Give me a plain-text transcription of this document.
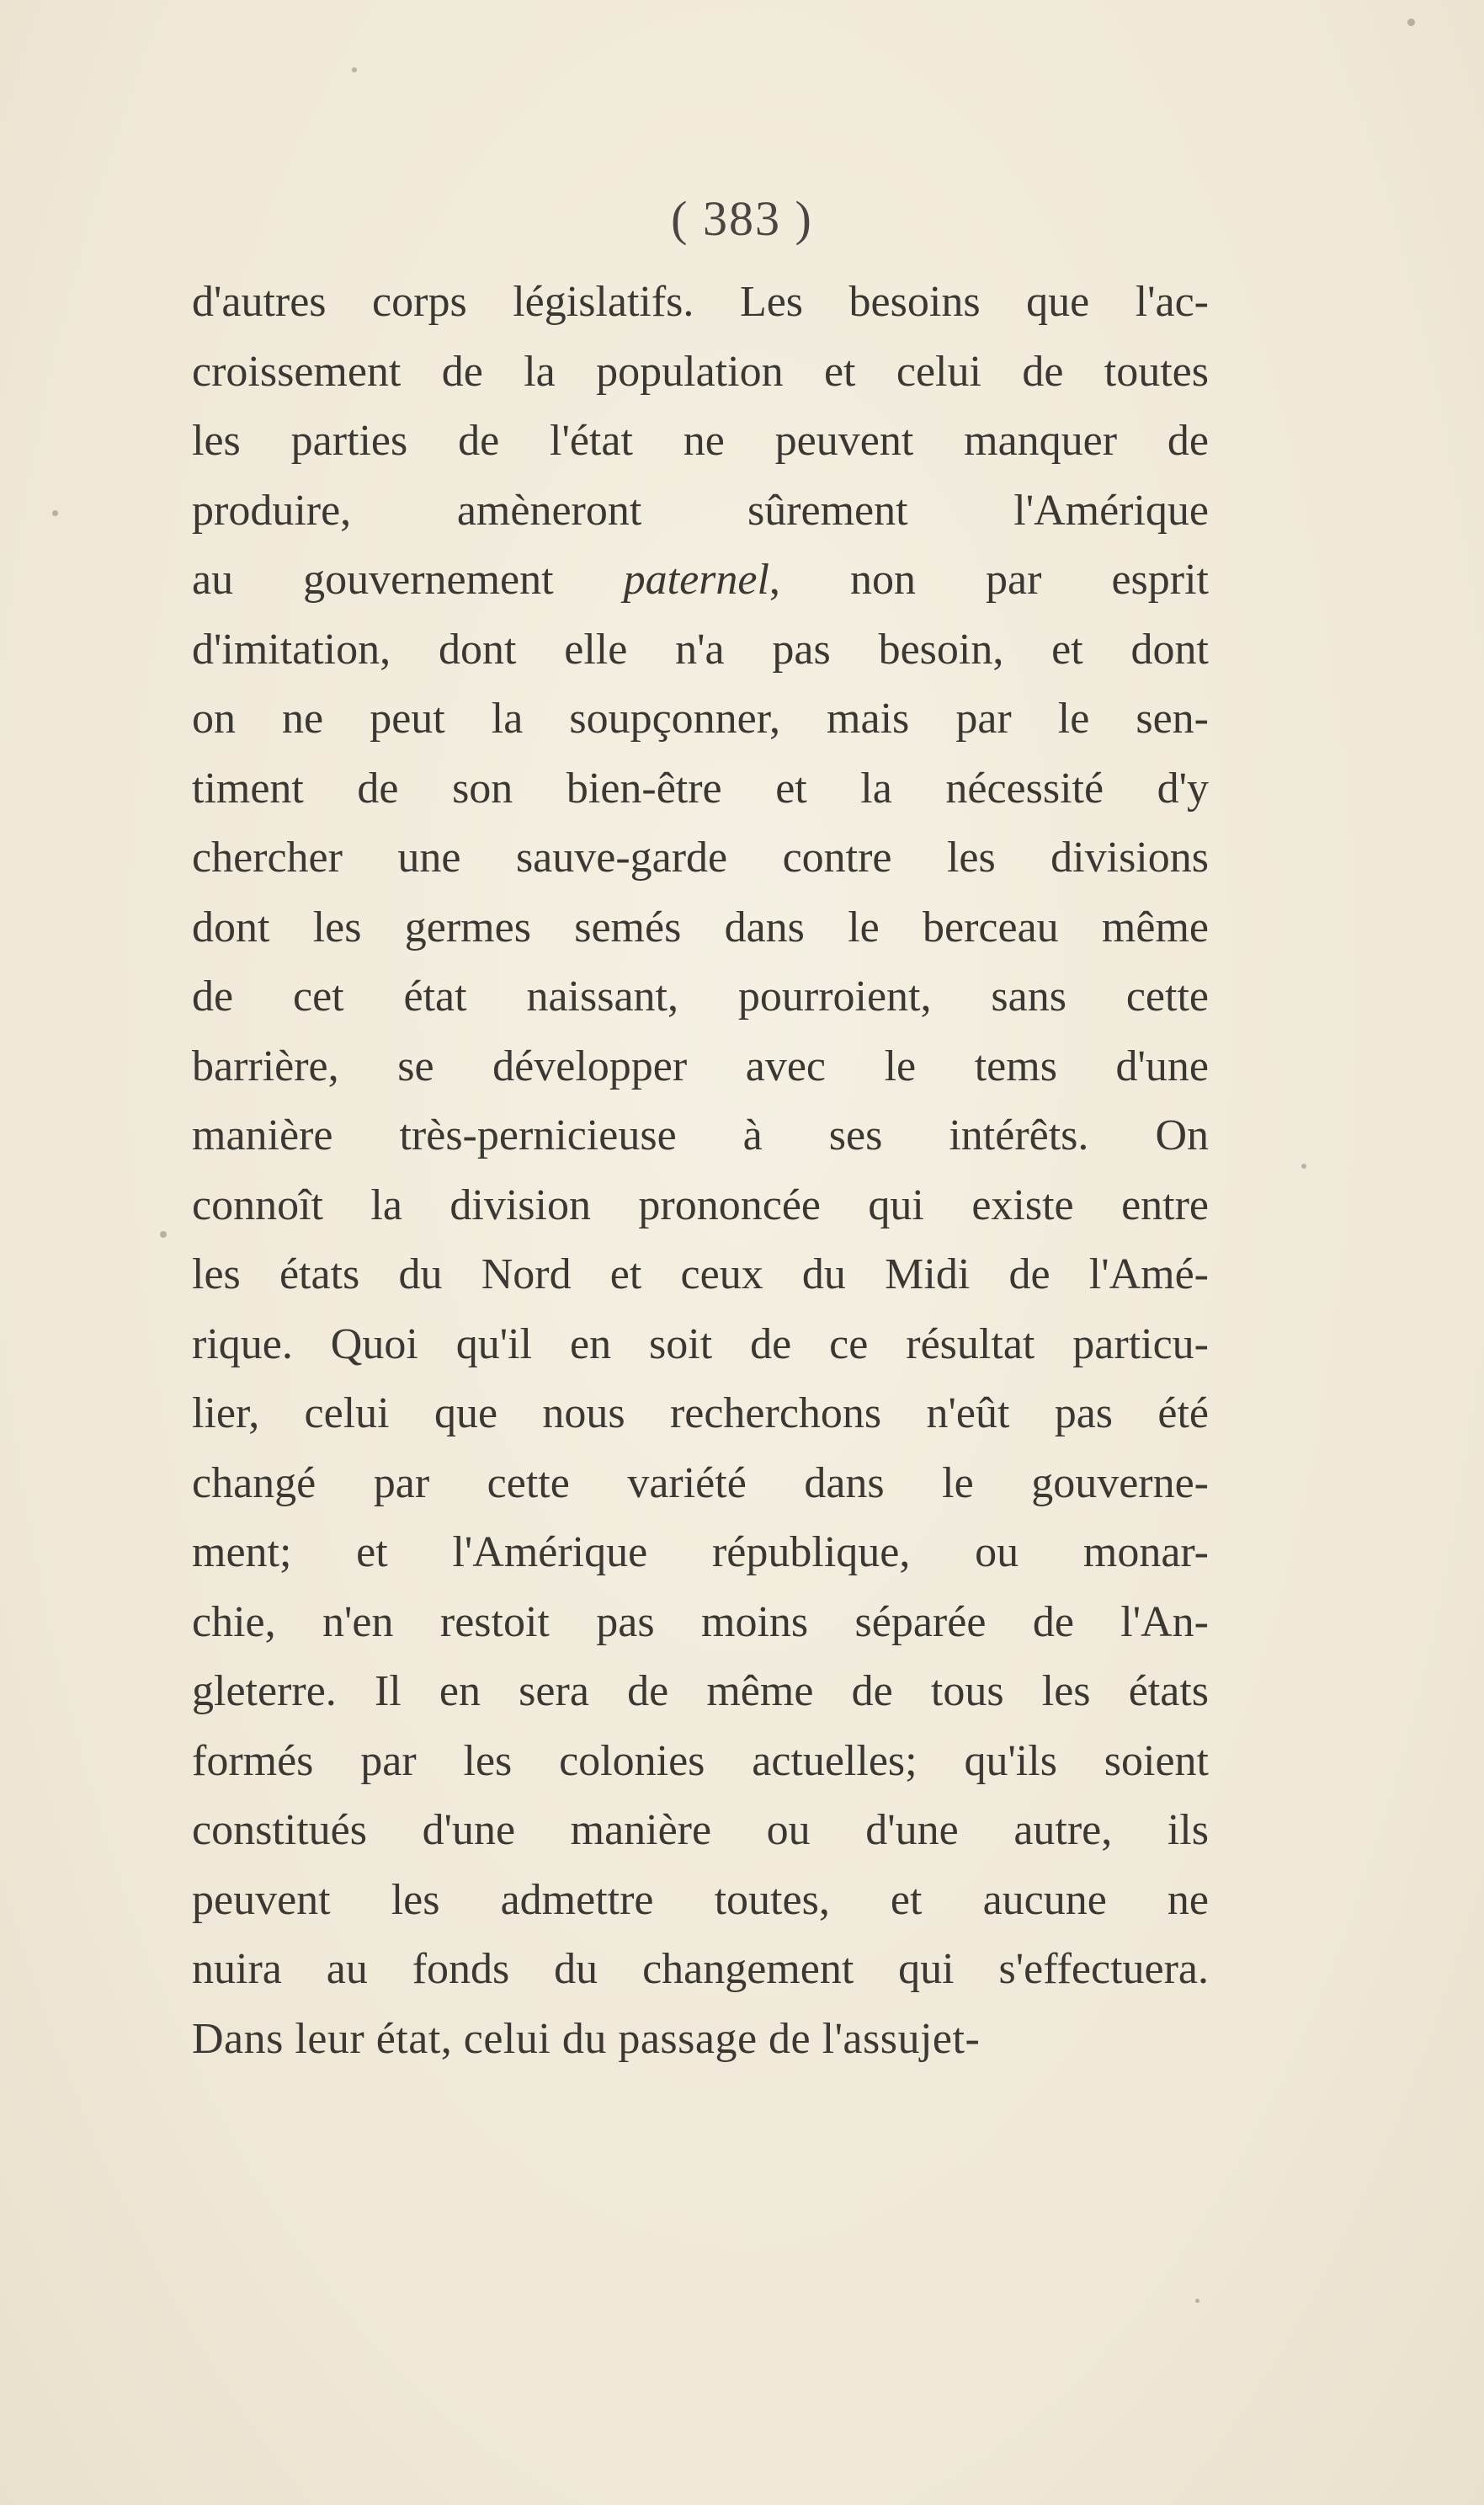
( 383 )
d'autres corps législatifs. Les besoins que l'ac-
croissement de la population et celui de toutes
les parties de l'état ne peuvent manquer de
produire, amèneront sûrement l'Amérique
au gouvernement paternel, non par esprit
d'imitation, dont elle n'a pas besoin, et dont
on ne peut la soupçonner, mais par le sen-
timent de son bien-être et la nécessité d'y
chercher une sauve-garde contre les divisions
dont les germes semés dans le berceau même
de cet état naissant, pourroient, sans cette
barrière, se développer avec le tems d'une
manière très-pernicieuse à ses intérêts. On
connoît la division prononcée qui existe entre
les états du Nord et ceux du Midi de l'Amé-
rique. Quoi qu'il en soit de ce résultat particu-
lier, celui que nous recherchons n'eût pas été
changé par cette variété dans le gouverne-
ment; et l'Amérique république, ou monar-
chie, n'en restoit pas moins séparée de l'An-
gleterre. Il en sera de même de tous les états
formés par les colonies actuelles; qu'ils soient
constitués d'une manière ou d'une autre, ils
peuvent les admettre toutes, et aucune ne
nuira au fonds du changement qui s'effectuera.
Dans leur état, celui du passage de l'assujet-
